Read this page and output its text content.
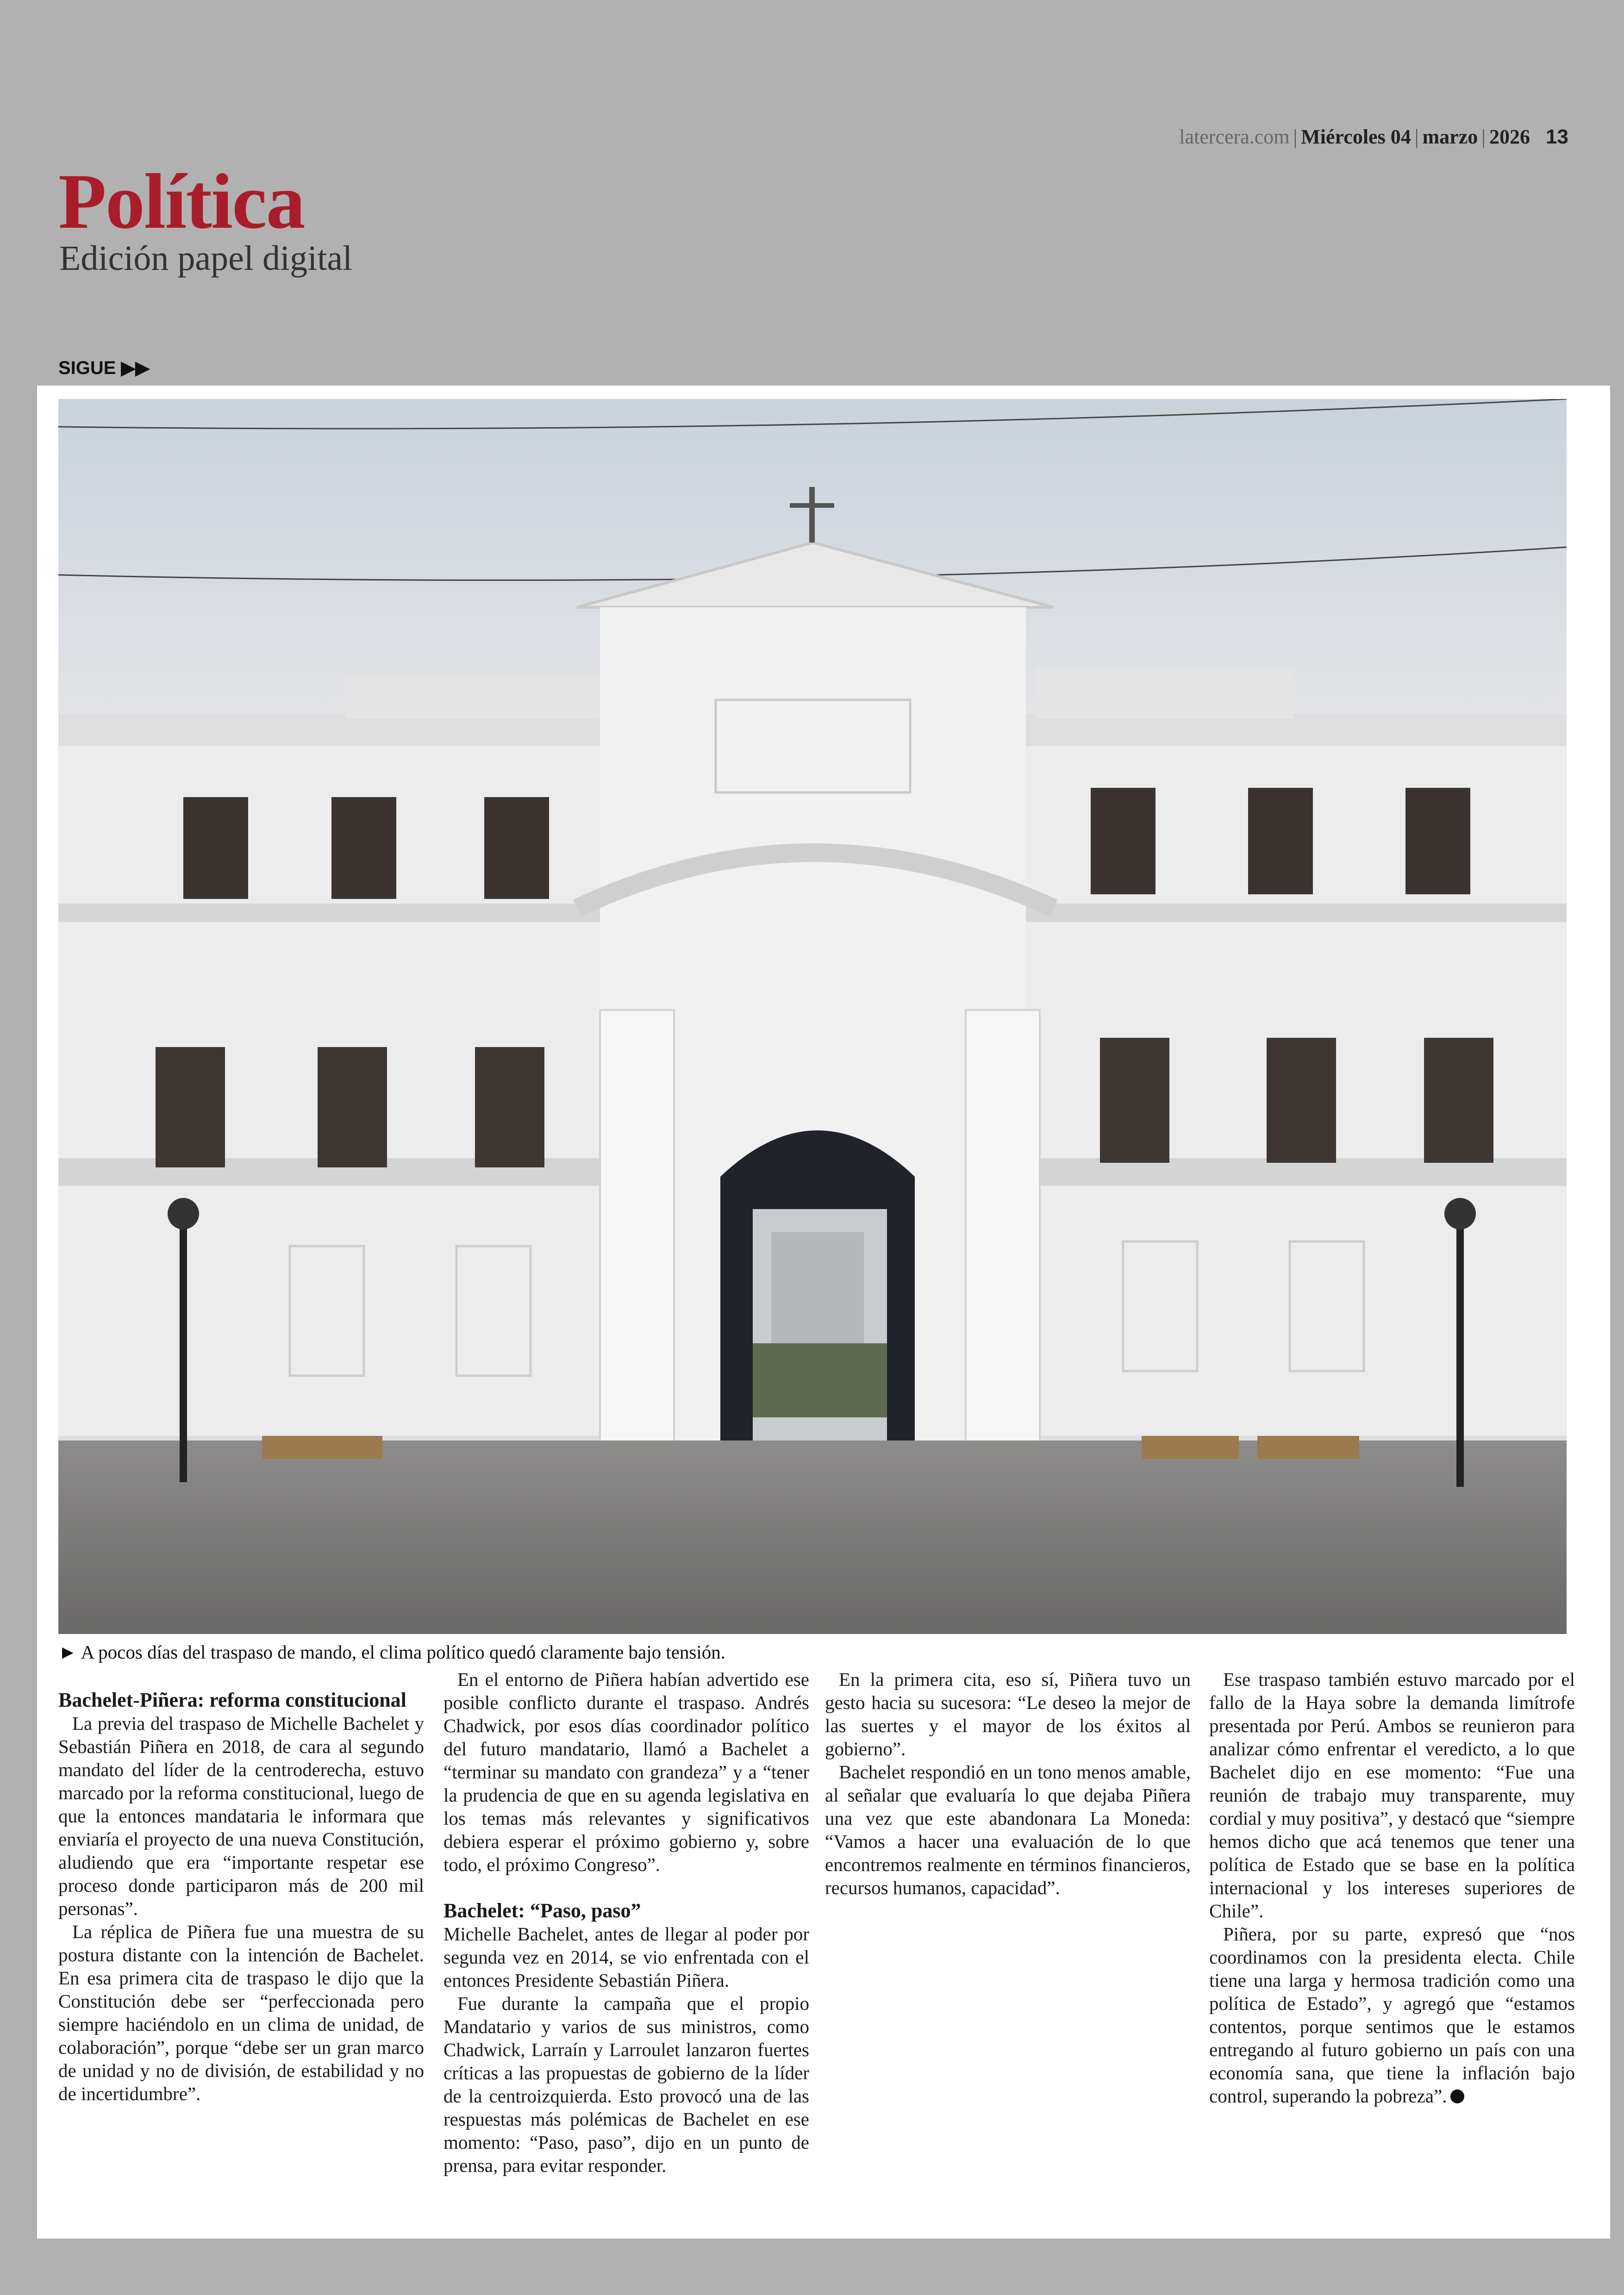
latercera.com | Miércoles 04 | marzo | 2026 13
Política
Edición papel digital
SIGUE ▶▶
► A pocos días del traspaso de mando, el clima político quedó claramente bajo tensión.
Bachelet-Piñera: reforma constitucional

La previa del traspaso de Michelle Bachelet y Sebastián Piñera en 2018, de cara al segundo mandato del líder de la centroderecha, estuvo marcado por la reforma constitucional, luego de que la entonces mandataria le informara que enviaría el proyecto de una nueva Constitución, aludiendo que era “importante respetar ese proceso donde participaron más de 200 mil personas”.

La réplica de Piñera fue una muestra de su postura distante con la intención de Bachelet. En esa primera cita de traspaso le dijo que la Constitución debe ser “perfeccionada pero siempre haciéndolo en un clima de unidad, de colaboración”, porque “debe ser un gran marco de unidad y no de división, de estabilidad y no de incertidumbre”.

En el entorno de Piñera habían advertido ese posible conflicto durante el traspaso. Andrés Chadwick, por esos días coordinador político del futuro mandatario, llamó a Bachelet a “terminar su mandato con grandeza” y a “tener la prudencia de que en su agenda legislativa en los temas más relevantes y significativos debiera esperar el próximo gobierno y, sobre todo, el próximo Congreso”.

Bachelet: “Paso, paso”

Michelle Bachelet, antes de llegar al poder por segunda vez en 2014, se vio enfrentada con el entonces Presidente Sebastián Piñera.

Fue durante la campaña que el propio Mandatario y varios de sus ministros, como Chadwick, Larraín y Larroulet lanzaron fuertes críticas a las propuestas de gobierno de la líder de la centroizquierda. Esto provocó una de las respuestas más polémicas de Bachelet en ese momento: “Paso, paso”, dijo en un punto de prensa, para evitar responder.

En la primera cita, eso sí, Piñera tuvo un gesto hacia su sucesora: “Le deseo la mejor de las suertes y el mayor de los éxitos al gobierno”.

Bachelet respondió en un tono menos amable, al señalar que evaluaría lo que dejaba Piñera una vez que este abandonara La Moneda: “Vamos a hacer una evaluación de lo que encontremos realmente en términos financieros, recursos humanos, capacidad”.

Ese traspaso también estuvo marcado por el fallo de la Haya sobre la demanda limítrofe presentada por Perú. Ambos se reunieron para analizar cómo enfrentar el veredicto, a lo que Bachelet dijo en ese momento: “Fue una reunión de trabajo muy transparente, muy cordial y muy positiva”, y destacó que “siempre hemos dicho que acá tenemos que tener una política de Estado que se base en la política internacional y los intereses superiores de Chile”.

Piñera, por su parte, expresó que “nos coordinamos con la presidenta electa. Chile tiene una larga y hermosa tradición como una política de Estado”, y agregó que “estamos contentos, porque sentimos que le estamos entregando al futuro gobierno un país con una economía sana, que tiene la inflación bajo control, superando la pobreza”.
